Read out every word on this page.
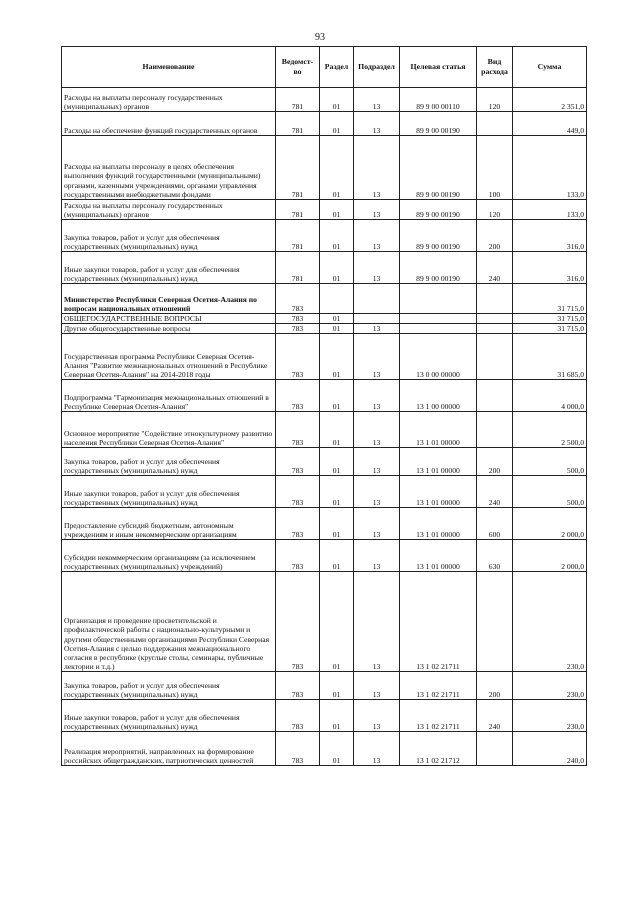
93
Наименование	Ведомст-во	Раздел	Подраздел	Целевая статья	Вид расхода	Сумма
Расходы на выплаты персоналу государственных (муниципальных) органов	781	01	13	89 9 00 00110	120	2 351,0
Расходы на обеспечение функций государственных органов	781	01	13	89 9 00 00190		449,0
Расходы на выплаты персоналу в целях обеспечения выполнения функций государственными (муниципальными) органами, казенными учреждениями, органами управления государственными внебюджетными фондами	781	01	13	89 9 00 00190	100	133,0
Расходы на выплаты персоналу государственных (муниципальных) органов	781	01	13	89 9 00 00190	120	133,0
Закупка товаров, работ и услуг для обеспечения государственных (муниципальных) нужд	781	01	13	89 9 00 00190	200	316,0
Иные закупки товаров, работ и услуг для обеспечения государственных (муниципальных) нужд	781	01	13	89 9 00 00190	240	316,0
Министерство Республики Северная Осетия-Алания по вопросам национальных отношений	783					31 715,0
ОБЩЕГОСУДАРСТВЕННЫЕ ВОПРОСЫ	783	01				31 715,0
Другие общегосударственные вопросы	783	01	13			31 715,0
Государственная программа Республики Северная Осетия-Алания "Развитие межнациональных отношений в Республике Северная Осетия-Алания" на 2014-2018 годы	783	01	13	13 0 00 00000		31 685,0
Подпрограмма "Гармонизация межнациональных отношений в Республике Северная Осетия-Алания"	783	01	13	13 1 00 00000		4 000,0
Основное мероприятие "Содействие этнокультурному развитию населения Республики Северная Осетия-Алания"	783	01	13	13 1 01 00000		2 500,0
Закупка товаров, работ и услуг для обеспечения государственных (муниципальных) нужд	783	01	13	13 1 01 00000	200	500,0
Иные закупки товаров, работ и услуг для обеспечения государственных (муниципальных) нужд	783	01	13	13 1 01 00000	240	500,0
Предоставление субсидий бюджетным, автономным учреждениям и иным некоммерческим организациям	783	01	13	13 1 01 00000	600	2 000,0
Субсидии некоммерческим организациям (за исключением государственных (муниципальных) учреждений)	783	01	13	13 1 01 00000	630	2 000,0
Организация и проведение просветительской и профилактической работы с национально-культурными и другими общественными организациями Республики Северная Осетия-Алания с целью поддержания межнационального согласия в республике (круглые столы, семинары, публичные лектории и т.д.)	783	01	13	13 1 02 21711		230,0
Закупка товаров, работ и услуг для обеспечения государственных (муниципальных) нужд	783	01	13	13 1 02 21711	200	230,0
Иные закупки товаров, работ и услуг для обеспечения государственных (муниципальных) нужд	783	01	13	13 1 02 21711	240	230,0
Реализация мероприятий, направленных на формирование российских общегражданских, патриотических ценностей	783	01	13	13 1 02 21712		240,0
